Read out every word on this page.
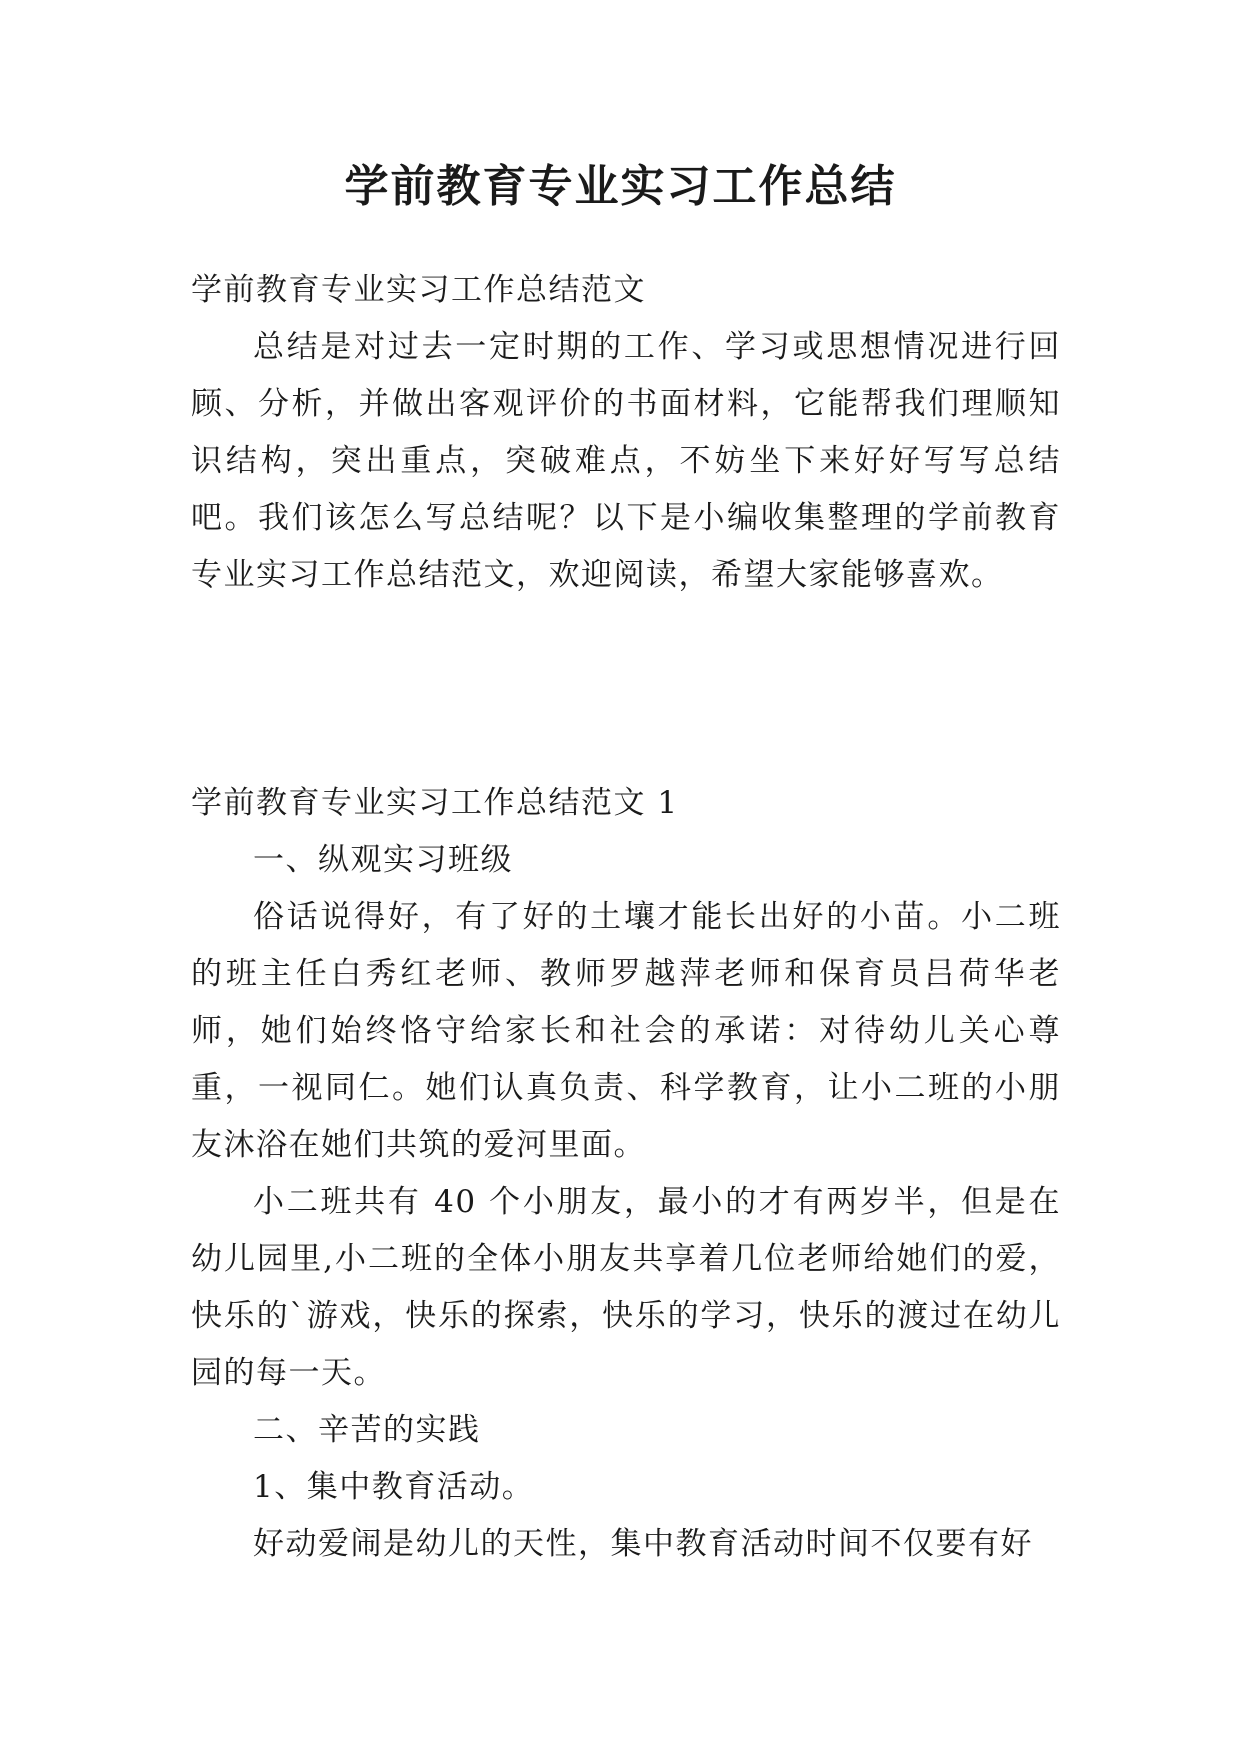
学前教育专业实习工作总结

学前教育专业实习工作总结范文

总结是对过去一定时期的工作、学习或思想情况进行回顾、分析，并做出客观评价的书面材料，它能帮我们理顺知识结构，突出重点，突破难点，不妨坐下来好好写写总结吧。我们该怎么写总结呢？以下是小编收集整理的学前教育专业实习工作总结范文，欢迎阅读，希望大家能够喜欢。

学前教育专业实习工作总结范文 1

一、纵观实习班级

俗话说得好，有了好的土壤才能长出好的小苗。小二班的班主任白秀红老师、教师罗越萍老师和保育员吕荷华老师，她们始终恪守给家长和社会的承诺：对待幼儿关心尊重，一视同仁。她们认真负责、科学教育，让小二班的小朋友沐浴在她们共筑的爱河里面。

小二班共有 40 个小朋友，最小的才有两岁半，但是在幼儿园里,小二班的全体小朋友共享着几位老师给她们的爱，快乐的`游戏，快乐的探索，快乐的学习，快乐的渡过在幼儿园的每一天。

二、辛苦的实践

1、集中教育活动。

好动爱闹是幼儿的天性，集中教育活动时间不仅要有好
